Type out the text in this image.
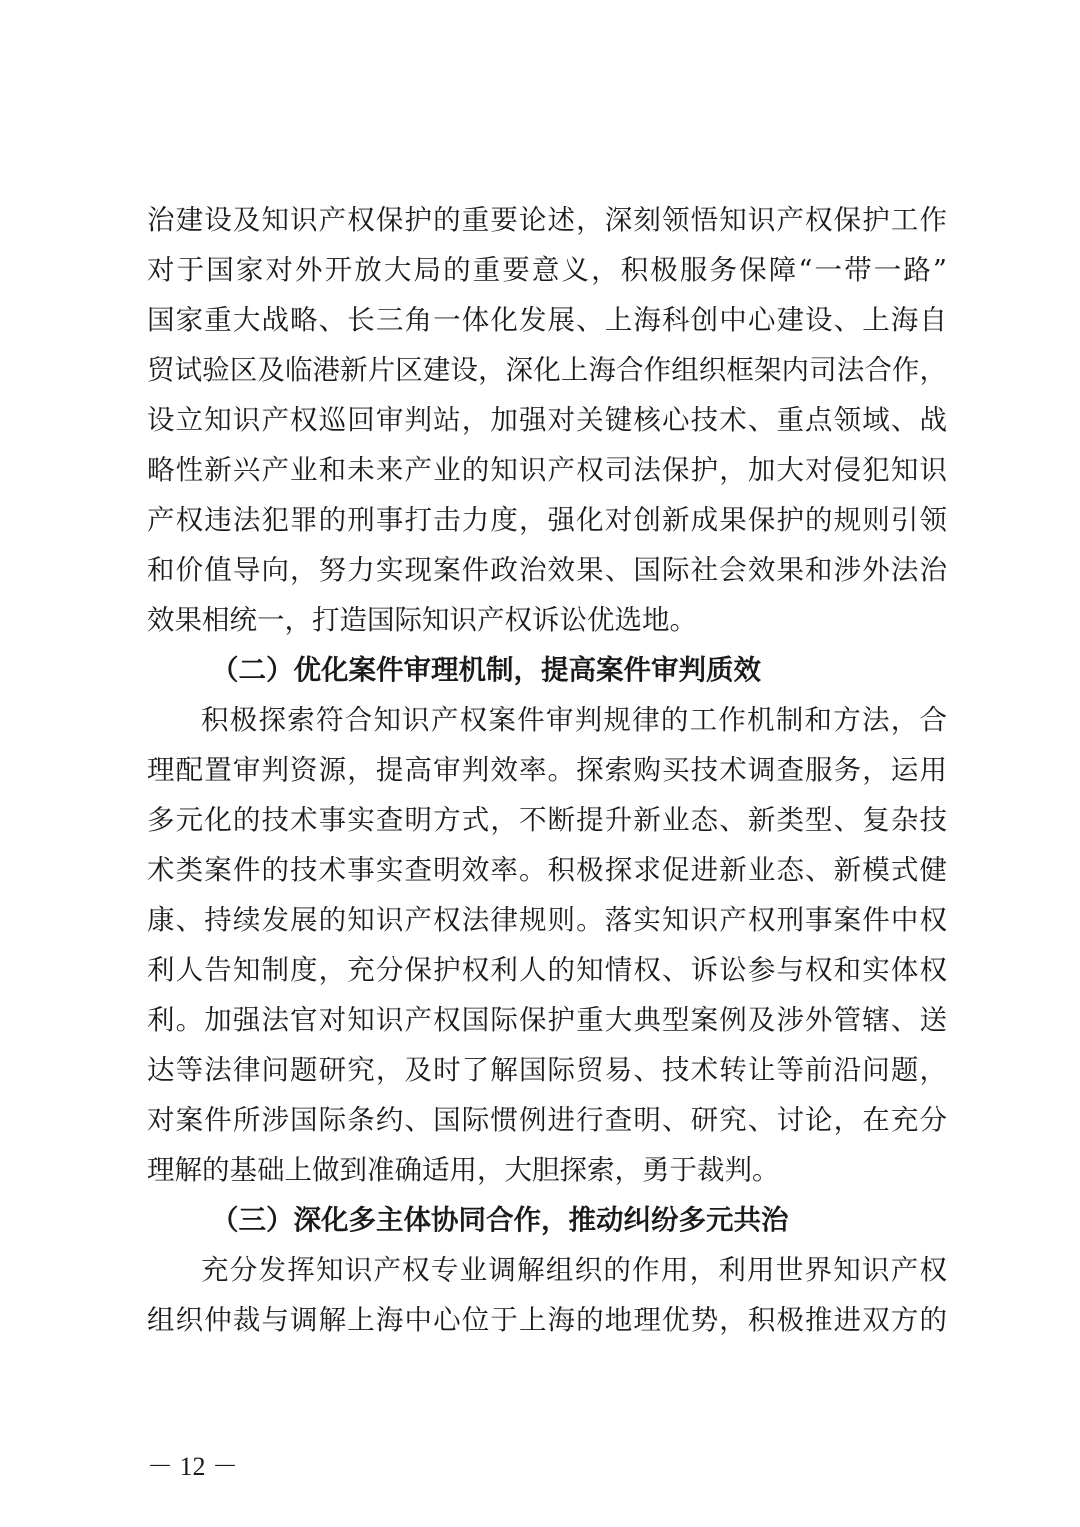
治建设及知识产权保护的重要论述，深刻领悟知识产权保护工作
对于国家对外开放大局的重要意义，积极服务保障“一带一路”
国家重大战略、长三角一体化发展、上海科创中心建设、上海自
贸试验区及临港新片区建设，深化上海合作组织框架内司法合作，
设立知识产权巡回审判站，加强对关键核心技术、重点领域、战
略性新兴产业和未来产业的知识产权司法保护，加大对侵犯知识
产权违法犯罪的刑事打击力度，强化对创新成果保护的规则引领
和价值导向，努力实现案件政治效果、国际社会效果和涉外法治
效果相统一，打造国际知识产权诉讼优选地。
（二）优化案件审理机制，提高案件审判质效
积极探索符合知识产权案件审判规律的工作机制和方法，合
理配置审判资源，提高审判效率。探索购买技术调查服务，运用
多元化的技术事实查明方式，不断提升新业态、新类型、复杂技
术类案件的技术事实查明效率。积极探求促进新业态、新模式健
康、持续发展的知识产权法律规则。落实知识产权刑事案件中权
利人告知制度，充分保护权利人的知情权、诉讼参与权和实体权
利。加强法官对知识产权国际保护重大典型案例及涉外管辖、送
达等法律问题研究，及时了解国际贸易、技术转让等前沿问题，
对案件所涉国际条约、国际惯例进行查明、研究、讨论，在充分
理解的基础上做到准确适用，大胆探索，勇于裁判。
（三）深化多主体协同合作，推动纠纷多元共治
充分发挥知识产权专业调解组织的作用，利用世界知识产权
组织仲裁与调解上海中心位于上海的地理优势，积极推进双方的
－ 12 －
